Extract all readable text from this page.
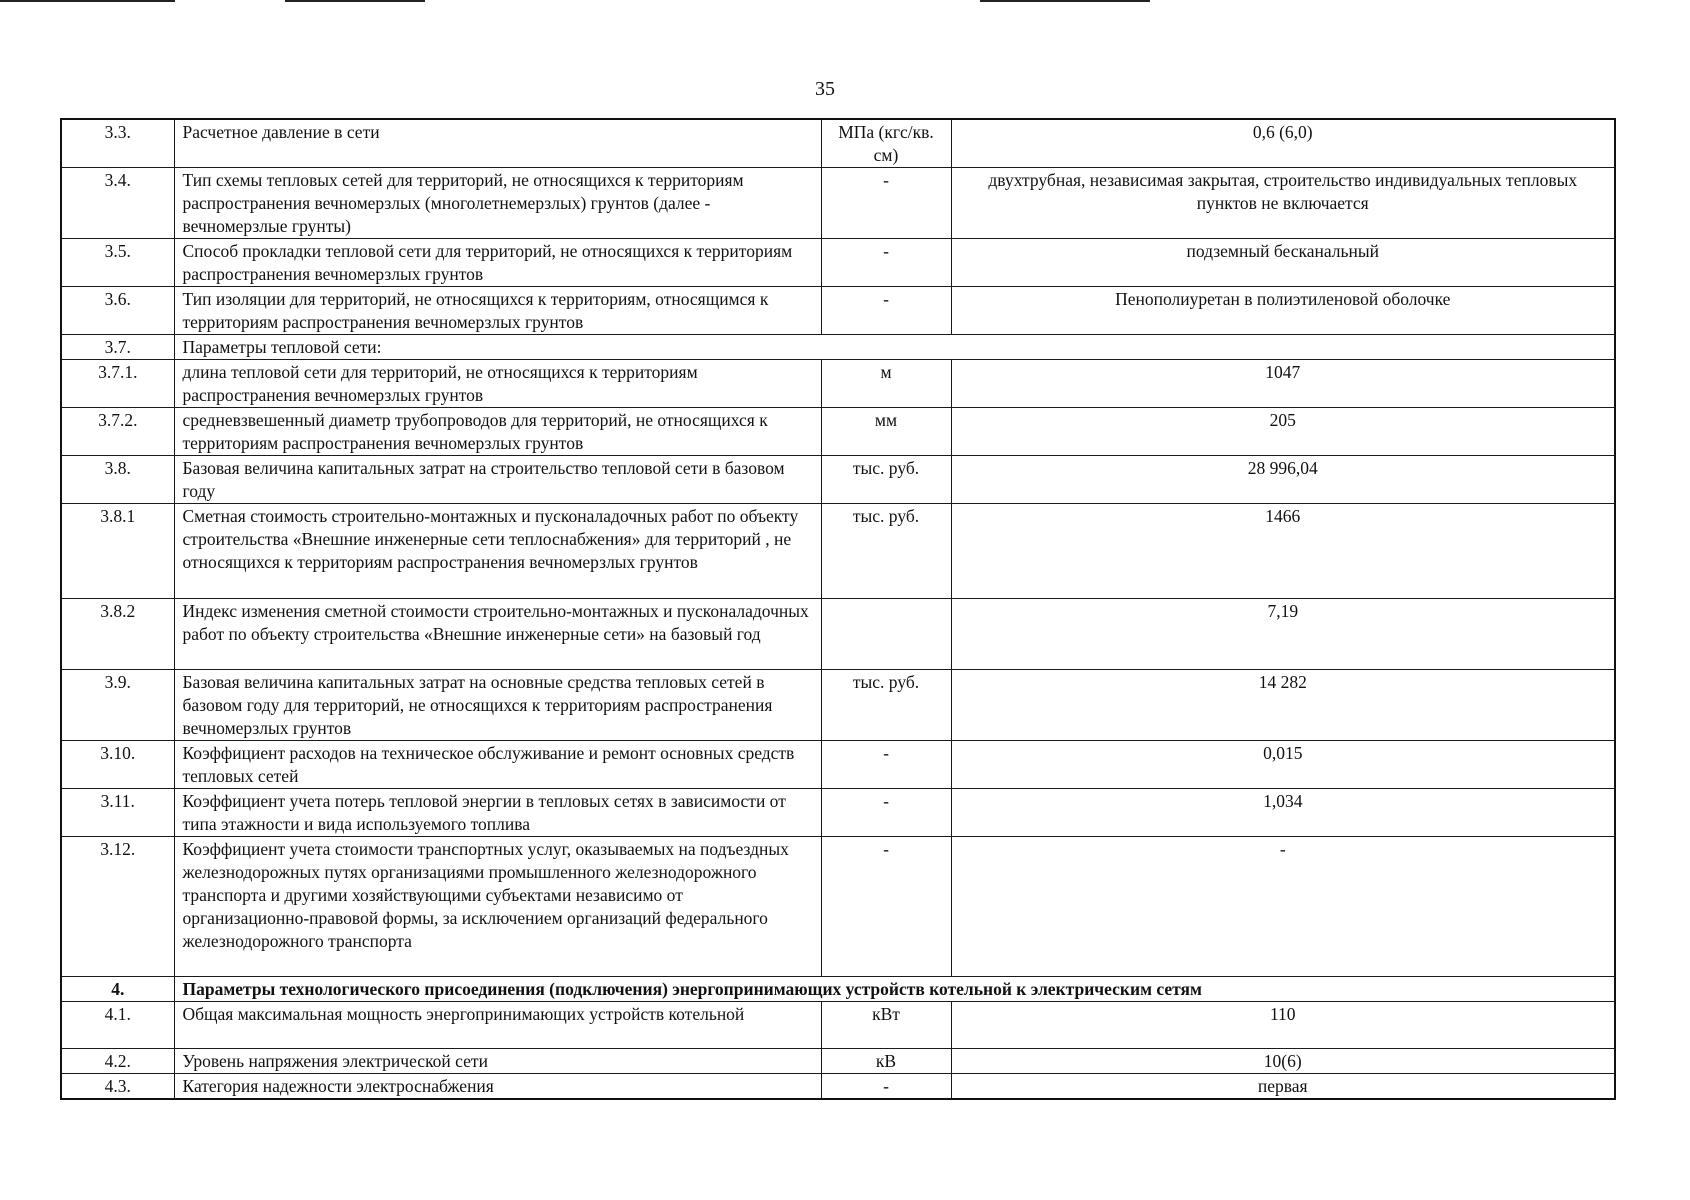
35
3.3.	Расчетное давление в сети	МПа (кгс/кв. см)	0,6 (6,0)
3.4.	Тип схемы тепловых сетей для территорий, не относящихся к территориям распространения вечномерзлых (многолетнемерзлых) грунтов (далее - вечномерзлые грунты)	-	двухтрубная, независимая закрытая, строительство индивидуальных тепловых пунктов не включается
3.5.	Способ прокладки тепловой сети для территорий, не относящихся к территориям распространения вечномерзлых грунтов	-	подземный бесканальный
3.6.	Тип изоляции для территорий, не относящихся к территориям, относящимся к территориям распространения вечномерзлых грунтов	-	Пенополиуретан в полиэтиленовой оболочке
3.7.	Параметры тепловой сети:		
3.7.1.	длина тепловой сети для территорий, не относящихся к территориям распространения вечномерзлых грунтов	м	1047
3.7.2.	средневзвешенный диаметр трубопроводов для территорий, не относящихся к территориям распространения вечномерзлых грунтов	мм	205
3.8.	Базовая величина капитальных затрат на строительство тепловой сети в базовом году	тыс. руб.	28 996,04
3.8.1	Сметная стоимость строительно-монтажных и пусконаладочных работ по объекту строительства «Внешние инженерные сети теплоснабжения» для территорий , не относящихся к территориям распространения вечномерзлых грунтов	тыс. руб.	1466
3.8.2	Индекс изменения сметной стоимости строительно-монтажных и пусконаладочных работ по объекту строительства «Внешние инженерные сети» на базовый год		7,19
3.9.	Базовая величина капитальных затрат на основные средства тепловых сетей в базовом году для территорий, не относящихся к территориям распространения вечномерзлых грунтов	тыс. руб.	14 282
3.10.	Коэффициент расходов на техническое обслуживание и ремонт основных средств тепловых сетей	-	0,015
3.11.	Коэффициент учета потерь тепловой энергии в тепловых сетях в зависимости от типа этажности и вида используемого топлива	-	1,034
3.12.	Коэффициент учета стоимости транспортных услуг, оказываемых на подъездных железнодорожных путях организациями промышленного железнодорожного транспорта и другими хозяйствующими субъектами независимо от организационно-правовой формы, за исключением организаций федерального железнодорожного транспорта	-	-
4.	Параметры технологического присоединения (подключения) энергопринимающих устройств котельной к электрическим сетям		
4.1.	Общая максимальная мощность энергопринимающих устройств котельной	кВт	110
4.2.	Уровень напряжения электрической сети	кВ	10(6)
4.3.	Категория надежности электроснабжения	-	первая
